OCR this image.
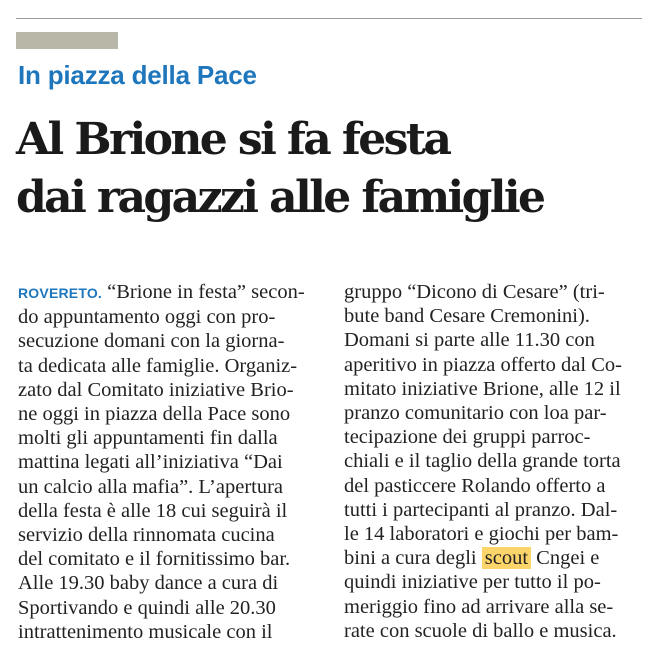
In piazza della Pace
Al Brione si fa festa
dai ragazzi alle famiglie
ROVERETO. “Brione in festa” secon-
do appuntamento oggi con pro-
secuzione domani con la giorna-
ta dedicata alle famiglie. Organiz-
zato dal Comitato iniziative Brio-
ne oggi in piazza della Pace sono
molti gli appuntamenti fin dalla
mattina legati all’iniziativa “Dai
un calcio alla mafia”. L’apertura
della festa è alle 18 cui seguirà il
servizio della rinnomata cucina
del comitato e il fornitissimo bar.
Alle 19.30 baby dance a cura di
Sportivando e quindi alle 20.30
intrattenimento musicale con il
gruppo “Dicono di Cesare” (tri-
bute band Cesare Cremonini).
Domani si parte alle 11.30 con
aperitivo in piazza offerto dal Co-
mitato iniziative Brione, alle 12 il
pranzo comunitario con loa par-
tecipazione dei gruppi parroc-
chiali e il taglio della grande torta
del pasticcere Rolando offerto a
tutti i partecipanti al pranzo. Dal-
le 14 laboratori e giochi per bam-
bini a cura degli scout Cngei e
quindi iniziative per tutto il po-
meriggio fino ad arrivare alla se-
rate con scuole di ballo e musica.
